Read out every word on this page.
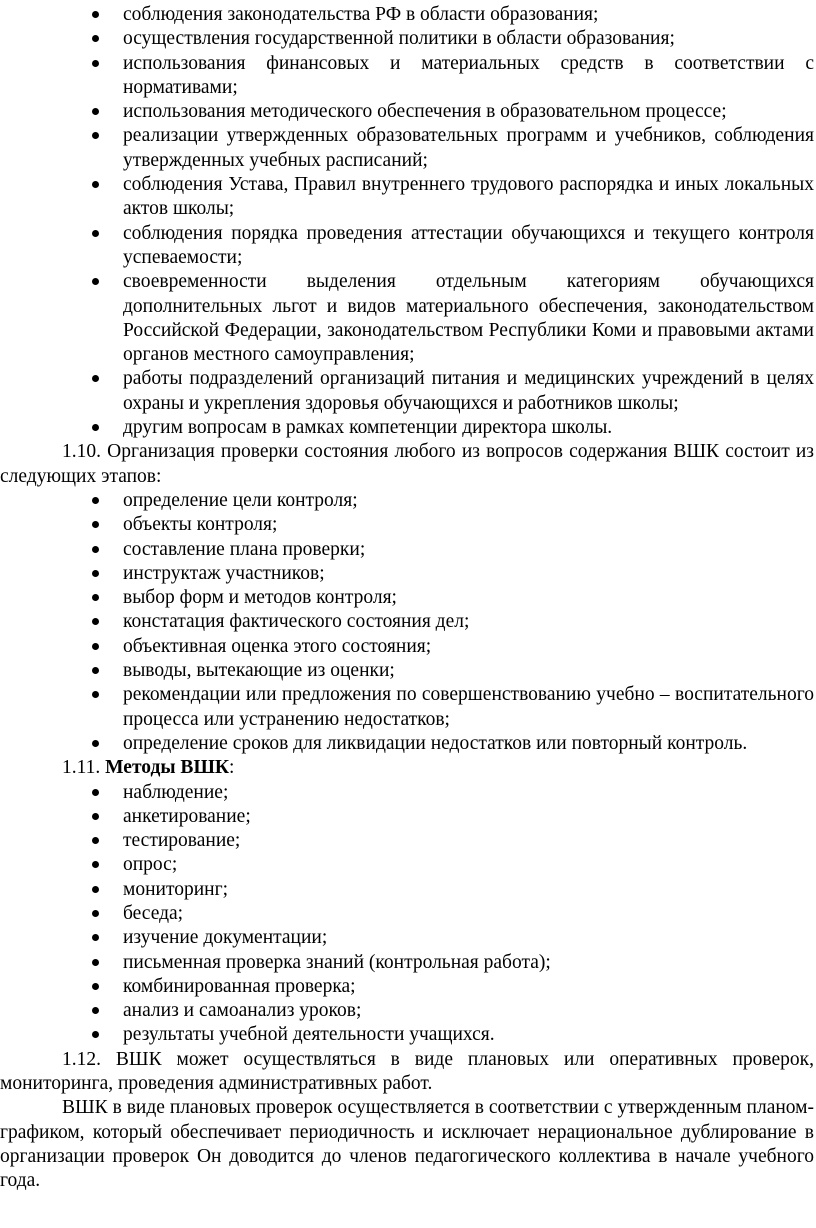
соблюдения законодательства РФ в области образования;
осуществления государственной политики в области образования;
использования финансовых и материальных средств в соответствии с нормативами;
использования методического обеспечения в образовательном процессе;
реализации утвержденных образовательных программ и учебников, соблюдения утвержденных учебных расписаний;
соблюдения Устава, Правил внутреннего трудового распорядка и иных локальных актов школы;
соблюдения порядка проведения аттестации обучающихся и текущего контроля успеваемости;
своевременности выделения отдельным категориям обучающихся дополнительных льгот и видов материального обеспечения, законодательством Российской Федерации, законодательством Республики Коми и правовыми актами органов местного самоуправления;
работы подразделений организаций питания и медицинских учреждений в целях охраны и укрепления здоровья обучающихся и работников школы;
другим вопросам в рамках компетенции директора школы.

1.10. Организация проверки состояния любого из вопросов содержания ВШК состоит из следующих этапов:

определение цели контроля;
объекты контроля;
составление плана проверки;
инструктаж участников;
выбор форм и методов контроля;
констатация фактического состояния дел;
объективная оценка этого состояния;
выводы, вытекающие из оценки;
рекомендации или предложения по совершенствованию учебно – воспитательного процесса или устранению недостатков;
определение сроков для ликвидации недостатков или повторный контроль.

1.11. Методы ВШК:

наблюдение;
анкетирование;
тестирование;
опрос;
мониторинг;
беседа;
изучение документации;
письменная проверка знаний (контрольная работа);
комбинированная проверка;
анализ и самоанализ уроков;
результаты учебной деятельности учащихся.

1.12. ВШК может осуществляться в виде плановых или оперативных проверок, мониторинга, проведения административных работ.

ВШК в виде плановых проверок осуществляется в соответствии с утвержденным планом-графиком, который обеспечивает периодичность и исключает нерациональное дублирование в организации проверок Он доводится до членов педагогического коллектива в начале учебного года.
